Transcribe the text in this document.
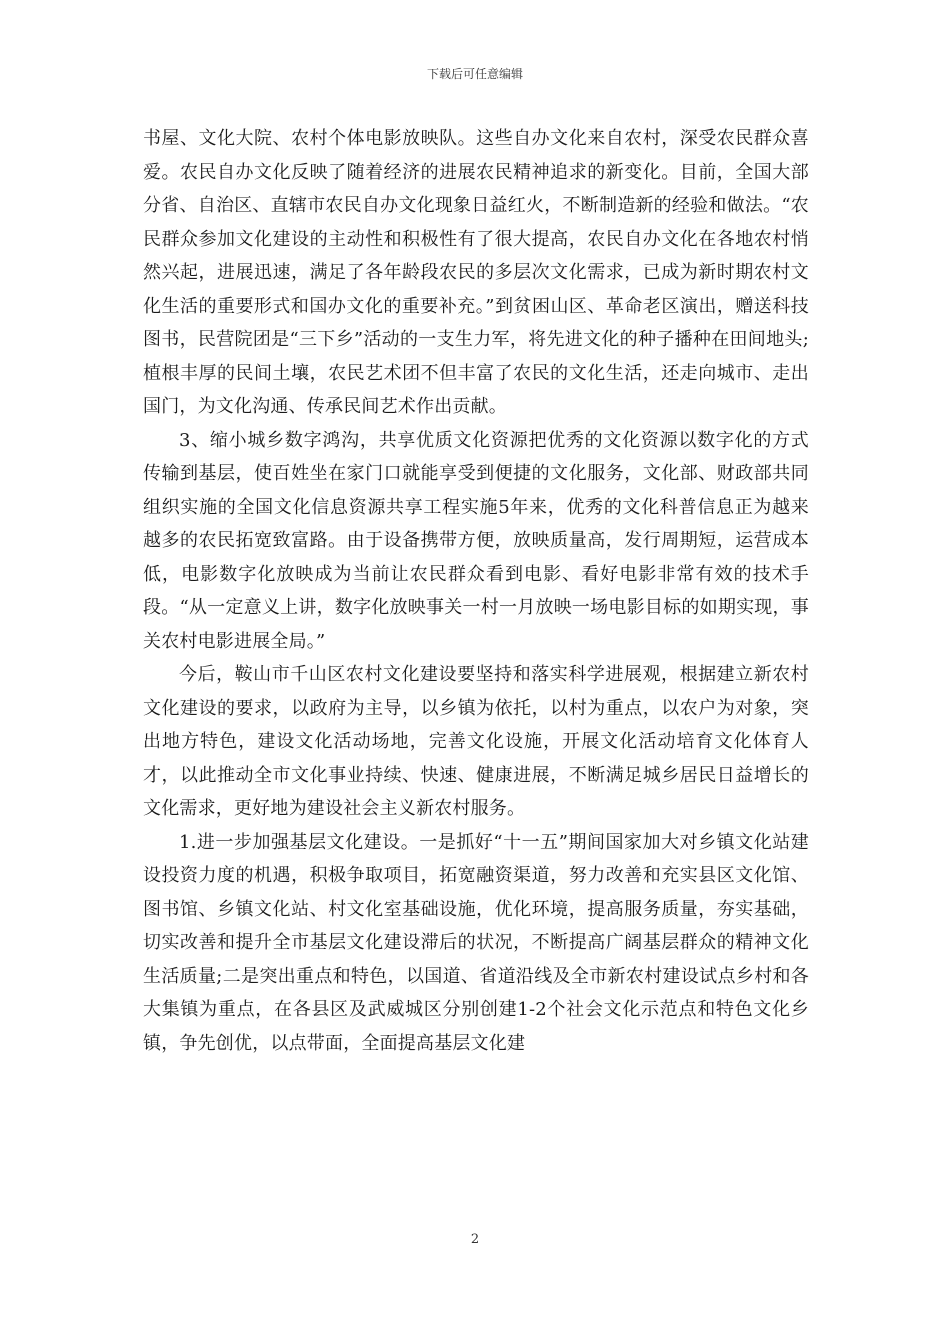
下载后可任意编辑

书屋、文化大院、农村个体电影放映队。这些自办文化来自农村，深受农民群众喜爱。农民自办文化反映了随着经济的进展农民精神追求的新变化。目前，全国大部分省、自治区、直辖市农民自办文化现象日益红火，不断制造新的经验和做法。“农民群众参加文化建设的主动性和积极性有了很大提高，农民自办文化在各地农村悄然兴起，进展迅速，满足了各年龄段农民的多层次文化需求，已成为新时期农村文化生活的重要形式和国办文化的重要补充。”到贫困山区、革命老区演出，赠送科技图书，民营院团是“三下乡”活动的一支生力军，将先进文化的种子播种在田间地头;植根丰厚的民间土壤，农民艺术团不但丰富了农民的文化生活，还走向城市、走出国门，为文化沟通、传承民间艺术作出贡献。

3、缩小城乡数字鸿沟，共享优质文化资源把优秀的文化资源以数字化的方式传输到基层，使百姓坐在家门口就能享受到便捷的文化服务，文化部、财政部共同组织实施的全国文化信息资源共享工程实施5年来，优秀的文化科普信息正为越来越多的农民拓宽致富路。由于设备携带方便，放映质量高，发行周期短，运营成本低，电影数字化放映成为当前让农民群众看到电影、看好电影非常有效的技术手段。“从一定意义上讲，数字化放映事关一村一月放映一场电影目标的如期实现，事关农村电影进展全局。”

今后，鞍山市千山区农村文化建设要坚持和落实科学进展观，根据建立新农村文化建设的要求，以政府为主导，以乡镇为依托，以村为重点，以农户为对象，突出地方特色，建设文化活动场地，完善文化设施，开展文化活动培育文化体育人才，以此推动全市文化事业持续、快速、健康进展，不断满足城乡居民日益增长的文化需求，更好地为建设社会主义新农村服务。

1.进一步加强基层文化建设。一是抓好“十一五”期间国家加大对乡镇文化站建设投资力度的机遇，积极争取项目，拓宽融资渠道，努力改善和充实县区文化馆、图书馆、乡镇文化站、村文化室基础设施，优化环境，提高服务质量，夯实基础，切实改善和提升全市基层文化建设滞后的状况，不断提高广阔基层群众的精神文化生活质量;二是突出重点和特色，以国道、省道沿线及全市新农村建设试点乡村和各大集镇为重点，在各县区及武威城区分别创建1-2个社会文化示范点和特色文化乡镇，争先创优，以点带面，全面提高基层文化建

2
